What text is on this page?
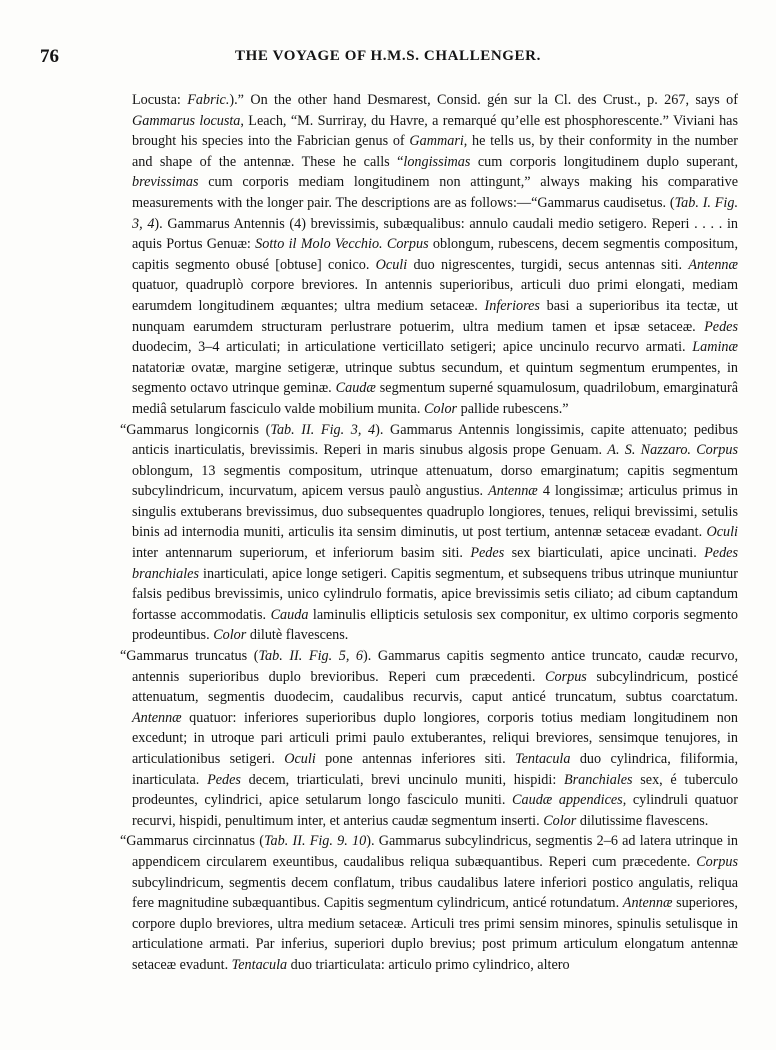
76	THE VOYAGE OF H.M.S. CHALLENGER.

Locusta: Fabric.).” On the other hand Desmarest, Consid. gén sur la Cl. des Crust., p. 267, says of Gammarus locusta, Leach, “M. Surriray, du Havre, a remarqué qu’elle est phosphorescente.” Viviani has brought his species into the Fabrician genus of Gammari, he tells us, by their conformity in the number and shape of the antennæ. These he calls “longissimas cum corporis longitudinem duplo superant, brevissimas cum corporis mediam longitudinem non attingunt,” always making his comparative measurements with the longer pair. The descriptions are as follows:—“Gammarus caudisetus. (Tab. I. Fig. 3, 4). Gammarus Antennis (4) brevissimis, subæqualibus: annulo caudali medio setigero. Reperi . . . . in aquis Portus Genuæ: Sotto il Molo Vecchio. Corpus oblongum, rubescens, decem segmentis compositum, capitis segmento obusé [obtuse] conico. Oculi duo nigrescentes, turgidi, secus antennas siti. Antennæ quatuor, quadruplò corpore breviores. In antennis superioribus, articuli duo primi elongati, mediam earumdem longitudinem æquantes; ultra medium setaceæ. Inferiores basi a superioribus ita tectæ, ut nunquam earumdem structuram perlustrare potuerim, ultra medium tamen et ipsæ setaceæ. Pedes duodecim, 3–4 articulati; in articulatione verticillato setigeri; apice uncinulo recurvo armati. Laminæ natatoriæ ovatæ, margine setigeræ, utrinque subtus secundum, et quintum segmentum erumpentes, in segmento octavo utrinque geminæ. Caudæ segmentum superné squamulosum, quadrilobum, emarginaturâ mediâ setularum fasciculo valde mobilium munita. Color pallide rubescens.”

“Gammarus longicornis (Tab. II. Fig. 3, 4). Gammarus Antennis longissimis, capite attenuato; pedibus anticis inarticulatis, brevissimis. Reperi in maris sinubus algosis prope Genuam. A. S. Nazzaro. Corpus oblongum, 13 segmentis compositum, utrinque attenuatum, dorso emarginatum; capitis segmentum subcylindricum, incurvatum, apicem versus paulò angustius. Antennæ 4 longissimæ; articulus primus in singulis extuberans brevissimus, duo subsequentes quadruplo longiores, tenues, reliqui brevissimi, setulis binis ad internodia muniti, articulis ita sensim diminutis, ut post tertium, antennæ setaceæ evadant. Oculi inter antennarum superiorum, et inferiorum basim siti. Pedes sex biarticulati, apice uncinati. Pedes branchiales inarticulati, apice longe setigeri. Capitis segmentum, et subsequens tribus utrinque muniuntur falsis pedibus brevissimis, unico cylindrulo formatis, apice brevissimis setis ciliato; ad cibum captandum fortasse accommodatis. Cauda laminulis ellipticis setulosis sex componitur, ex ultimo corporis segmento prodeuntibus. Color dilutè flavescens.

“Gammarus truncatus (Tab. II. Fig. 5, 6). Gammarus capitis segmento antice truncato, caudæ recurvo, antennis superioribus duplo brevioribus. Reperi cum præcedenti. Corpus subcylindricum, posticé attenuatum, segmentis duodecim, caudalibus recurvis, caput anticé truncatum, subtus coarctatum. Antennæ quatuor: inferiores superioribus duplo longiores, corporis totius mediam longitudinem non excedunt; in utroque pari articuli primi paulo extuberantes, reliqui breviores, sensimque tenujores, in articulationibus setigeri. Oculi pone antennas inferiores siti. Tentacula duo cylindrica, filiformia, inarticulata. Pedes decem, triarticulati, brevi uncinulo muniti, hispidi: Branchiales sex, é tuberculo prodeuntes, cylindrici, apice setularum longo fasciculo muniti. Caudæ appendices, cylindruli quatuor recurvi, hispidi, penultimum inter, et anterius caudæ segmentum inserti. Color dilutissime flavescens.

“Gammarus circinnatus (Tab. II. Fig. 9. 10). Gammarus subcylindricus, segmentis 2–6 ad latera utrinque in appendicem circularem exeuntibus, caudalibus reliqua subæquantibus. Reperi cum præcedente. Corpus subcylindricum, segmentis decem conflatum, tribus caudalibus latere inferiori postico angulatis, reliqua fere magnitudine subæquantibus. Capitis segmentum cylindricum, anticé rotundatum. Antennæ superiores, corpore duplo breviores, ultra medium setaceæ. Articuli tres primi sensim minores, spinulis setulisque in articulatione armati. Par inferius, superiori duplo brevius; post primum articulum elongatum antennæ setaceæ evadunt. Tentacula duo triarticulata: articulo primo cylindrico, altero
